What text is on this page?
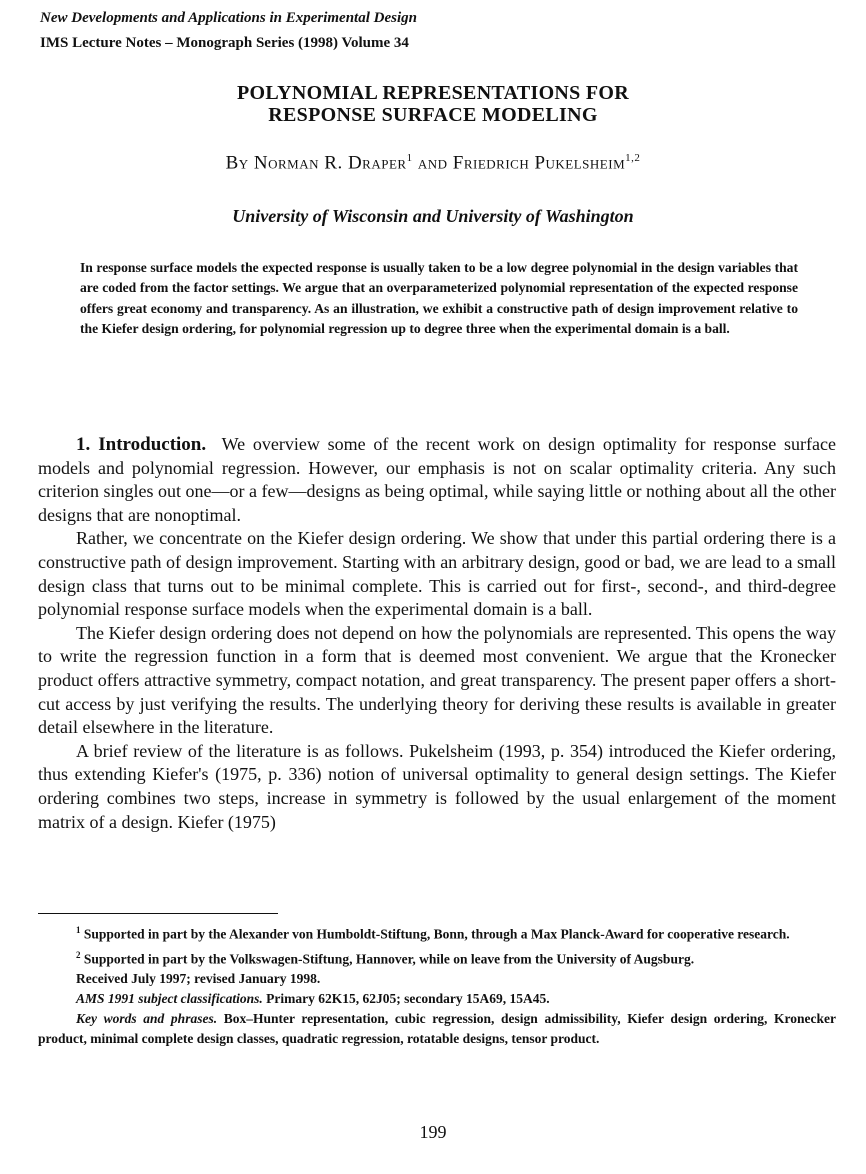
New Developments and Applications in Experimental Design
IMS Lecture Notes – Monograph Series (1998) Volume 34
POLYNOMIAL REPRESENTATIONS FOR
RESPONSE SURFACE MODELING
By Norman R. Draper$^1$ and Friedrich Pukelsheim$^{1,2}$
University of Wisconsin and University of Washington
In response surface models the expected response is usually taken to be a low degree polynomial in the design variables that are coded from the factor settings. We argue that an overparameterized polynomial representation of the expected response offers great economy and transparency. As an illustration, we exhibit a constructive path of design improvement relative to the Kiefer design ordering, for polynomial regression up to degree three when the experimental domain is a ball.

1. Introduction. We overview some of the recent work on design optimality for response surface models and polynomial regression. However, our emphasis is not on scalar optimality criteria. Any such criterion singles out one—or a few—designs as being optimal, while saying little or nothing about all the other designs that are nonoptimal.

Rather, we concentrate on the Kiefer design ordering. We show that under this partial ordering there is a constructive path of design improvement. Starting with an arbitrary design, good or bad, we are lead to a small design class that turns out to be minimal complete. This is carried out for first-, second-, and third-degree polynomial response surface models when the experimental domain is a ball.

The Kiefer design ordering does not depend on how the polynomials are represented. This opens the way to write the regression function in a form that is deemed most convenient. We argue that the Kronecker product offers attractive symmetry, compact notation, and great transparency. The present paper offers a short-cut access by just verifying the results. The underlying theory for deriving these results is available in greater detail elsewhere in the literature.

A brief review of the literature is as follows. Pukelsheim (1993, p. 354) introduced the Kiefer ordering, thus extending Kiefer's (1975, p. 336) notion of universal optimality to general design settings. The Kiefer ordering combines two steps, increase in symmetry is followed by the usual enlargement of the moment matrix of a design. Kiefer (1975)

$^1$ Supported in part by the Alexander von Humboldt-Stiftung, Bonn, through a Max Planck-Award for cooperative research.

$^2$ Supported in part by the Volkswagen-Stiftung, Hannover, while on leave from the University of Augsburg.

Received July 1997; revised January 1998.

AMS 1991 subject classifications. Primary 62K15, 62J05; secondary 15A69, 15A45.

Key words and phrases. Box–Hunter representation, cubic regression, design admissibility, Kiefer design ordering, Kronecker product, minimal complete design classes, quadratic regression, rotatable designs, tensor product.

199
